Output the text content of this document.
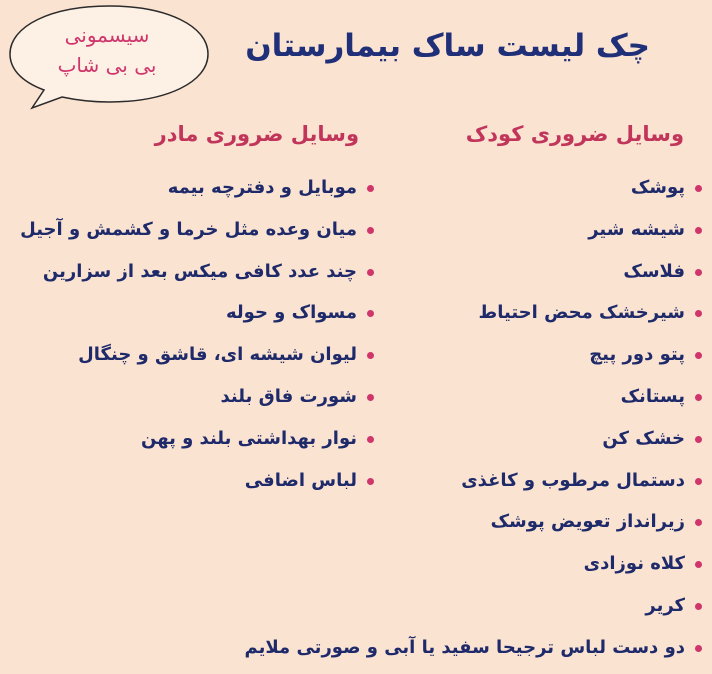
سیسمونی
بی بی شاپ
چک لیست ساک بیمارستان
وسایل ضروری کودک
وسایل ضروری مادر
پوشک
شیشه شیر
فلاسک
شیرخشک محض احتیاط
پتو دور پیچ
پستانک
خشک کن
دستمال مرطوب و کاغذی
زیرانداز تعویض پوشک
کلاه نوزادی
کریر
دو دست لباس ترجیحا سفید یا آبی و صورتی ملایم
موبایل و دفترچه بیمه
میان وعده مثل خرما و کشمش و آجیل
چند عدد کافی میکس بعد از سزارین
مسواک و حوله
لیوان شیشه ای، قاشق و چنگال
شورت فاق بلند
نوار بهداشتی بلند و پهن
لباس اضافی
